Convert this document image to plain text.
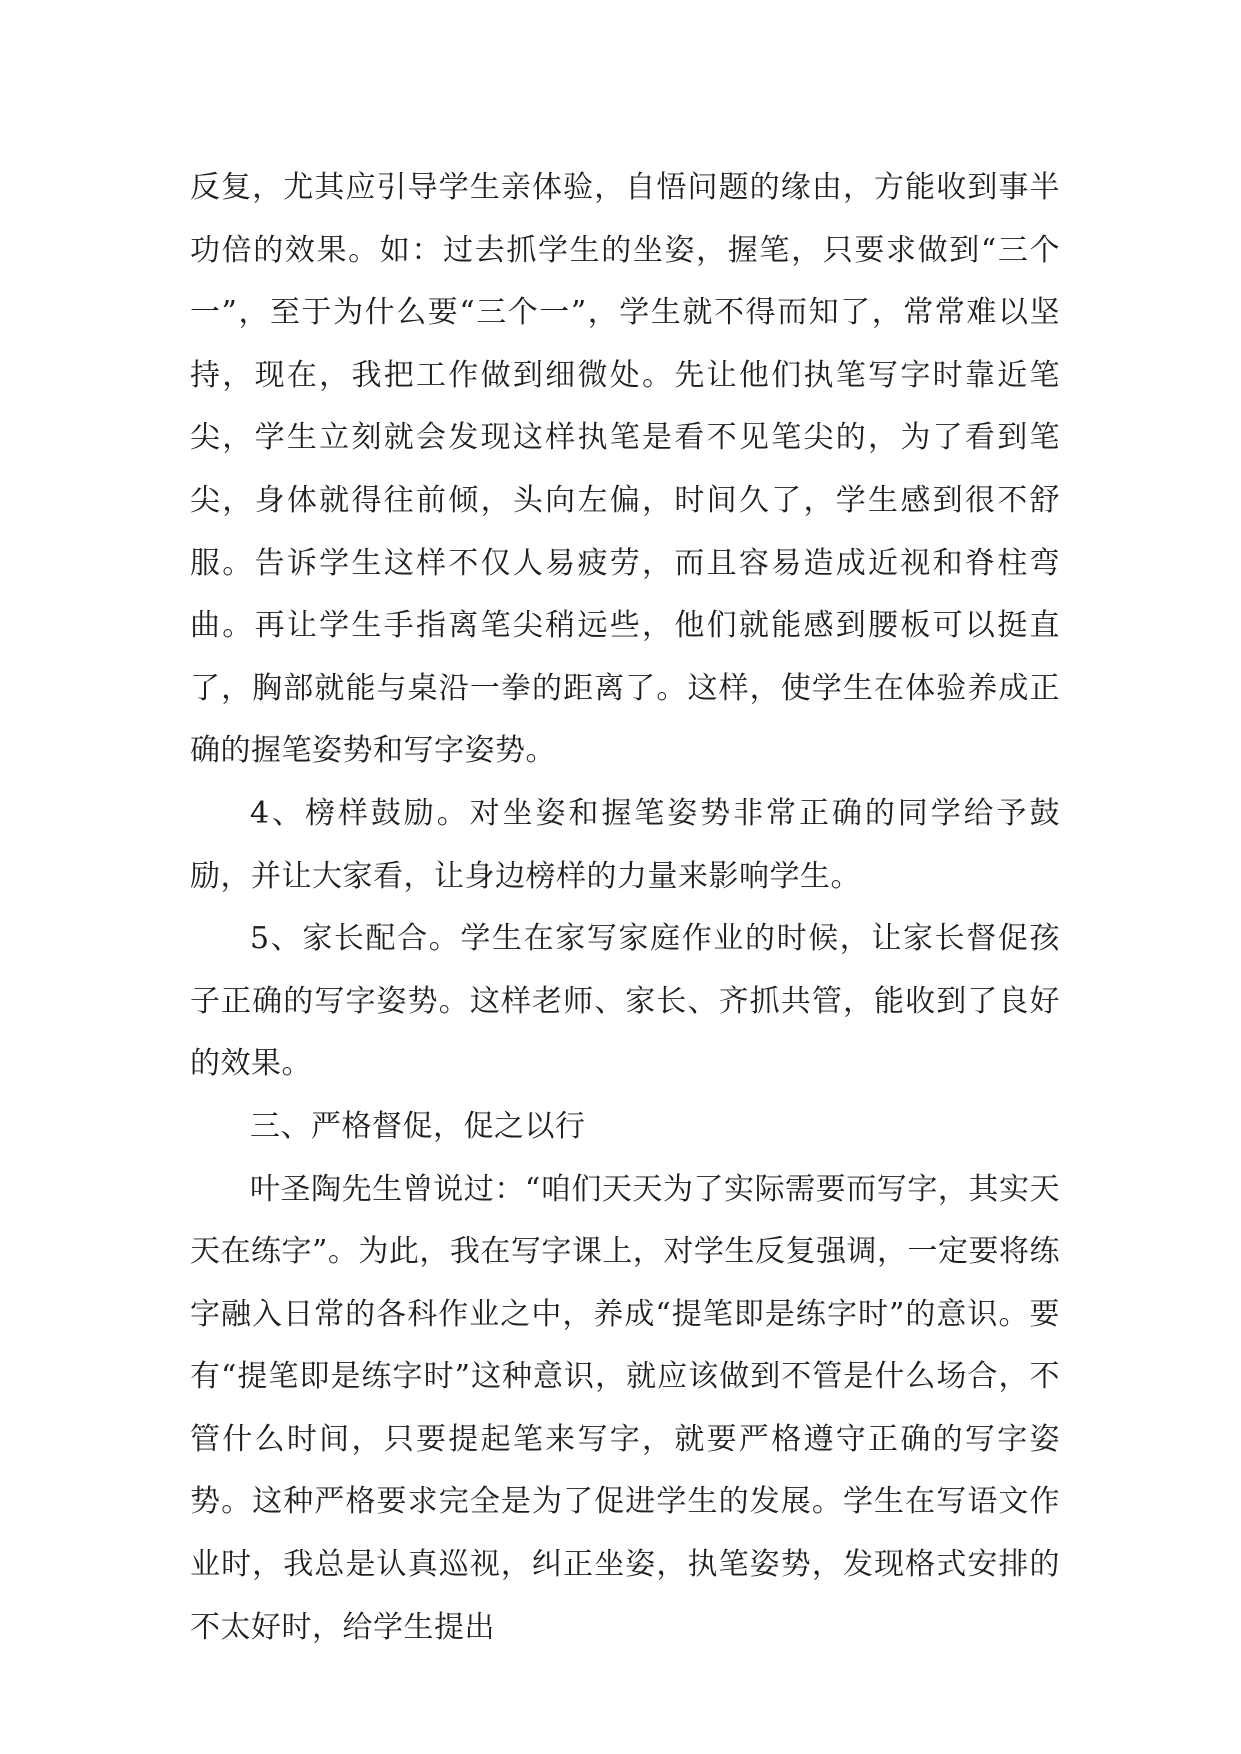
反复，尤其应引导学生亲体验，自悟问题的缘由，方能收到事半功倍的效果。如：过去抓学生的坐姿，握笔，只要求做到“三个一”，至于为什么要“三个一”，学生就不得而知了，常常难以坚持，现在，我把工作做到细微处。先让他们执笔写字时靠近笔尖，学生立刻就会发现这样执笔是看不见笔尖的，为了看到笔尖，身体就得往前倾，头向左偏，时间久了，学生感到很不舒服。告诉学生这样不仅人易疲劳，而且容易造成近视和脊柱弯曲。再让学生手指离笔尖稍远些，他们就能感到腰板可以挺直了，胸部就能与桌沿一拳的距离了。这样，使学生在体验养成正确的握笔姿势和写字姿势。

4、榜样鼓励。对坐姿和握笔姿势非常正确的同学给予鼓励，并让大家看，让身边榜样的力量来影响学生。

5、家长配合。学生在家写家庭作业的时候，让家长督促孩子正确的写字姿势。这样老师、家长、齐抓共管，能收到了良好的效果。

三、严格督促，促之以行

叶圣陶先生曾说过：“咱们天天为了实际需要而写字，其实天天在练字”。为此，我在写字课上，对学生反复强调，一定要将练字融入日常的各科作业之中，养成“提笔即是练字时”的意识。要有“提笔即是练字时”这种意识，就应该做到不管是什么场合，不管什么时间，只要提起笔来写字，就要严格遵守正确的写字姿势。这种严格要求完全是为了促进学生的发展。学生在写语文作业时，我总是认真巡视，纠正坐姿，执笔姿势，发现格式安排的不太好时，给学生提出
